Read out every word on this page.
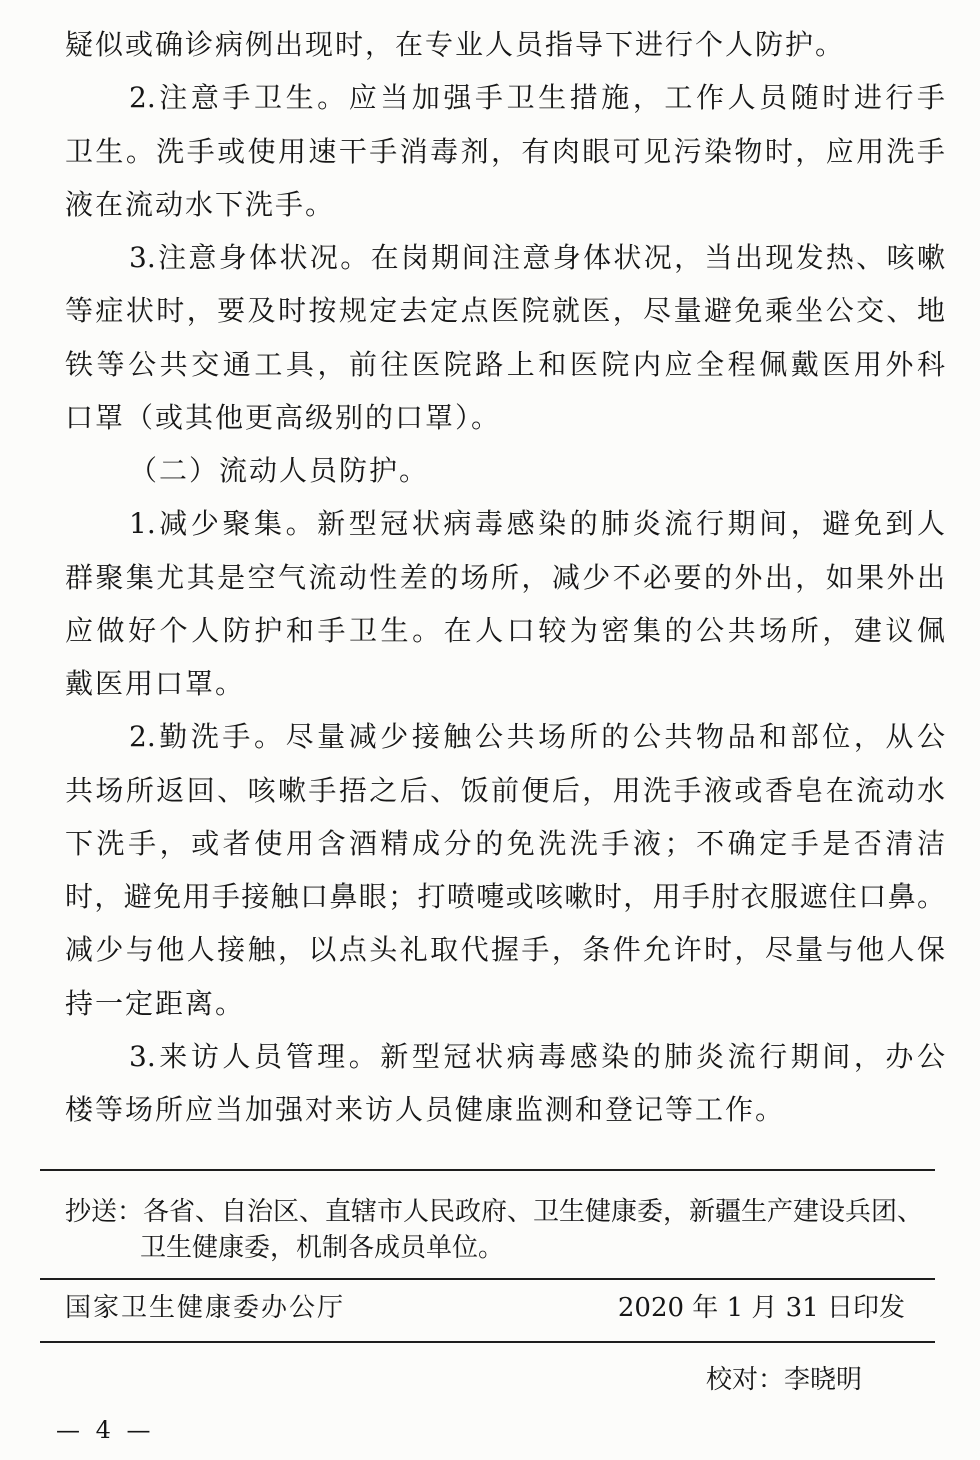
疑似或确诊病例出现时，在专业人员指导下进行个人防护。
2.注意手卫生。应当加强手卫生措施，工作人员随时进行手
卫生。洗手或使用速干手消毒剂，有肉眼可见污染物时，应用洗手
液在流动水下洗手。
3.注意身体状况。在岗期间注意身体状况，当出现发热、咳嗽
等症状时，要及时按规定去定点医院就医，尽量避免乘坐公交、地
铁等公共交通工具，前往医院路上和医院内应全程佩戴医用外科
口罩（或其他更高级别的口罩）。
（二）流动人员防护。
1.减少聚集。新型冠状病毒感染的肺炎流行期间，避免到人
群聚集尤其是空气流动性差的场所，减少不必要的外出，如果外出
应做好个人防护和手卫生。在人口较为密集的公共场所，建议佩
戴医用口罩。
2.勤洗手。尽量减少接触公共场所的公共物品和部位，从公
共场所返回、咳嗽手捂之后、饭前便后，用洗手液或香皂在流动水
下洗手，或者使用含酒精成分的免洗洗手液；不确定手是否清洁
时，避免用手接触口鼻眼；打喷嚏或咳嗽时，用手肘衣服遮住口鼻。
减少与他人接触，以点头礼取代握手，条件允许时，尽量与他人保
持一定距离。
3.来访人员管理。新型冠状病毒感染的肺炎流行期间，办公
楼等场所应当加强对来访人员健康监测和登记等工作。
抄送：各省、自治区、直辖市人民政府、卫生健康委，新疆生产建设兵团、
卫生健康委，机制各成员单位。
国家卫生健康委办公厅	2020 年 1 月 31 日印发
校对：李晓明
— 4 —
